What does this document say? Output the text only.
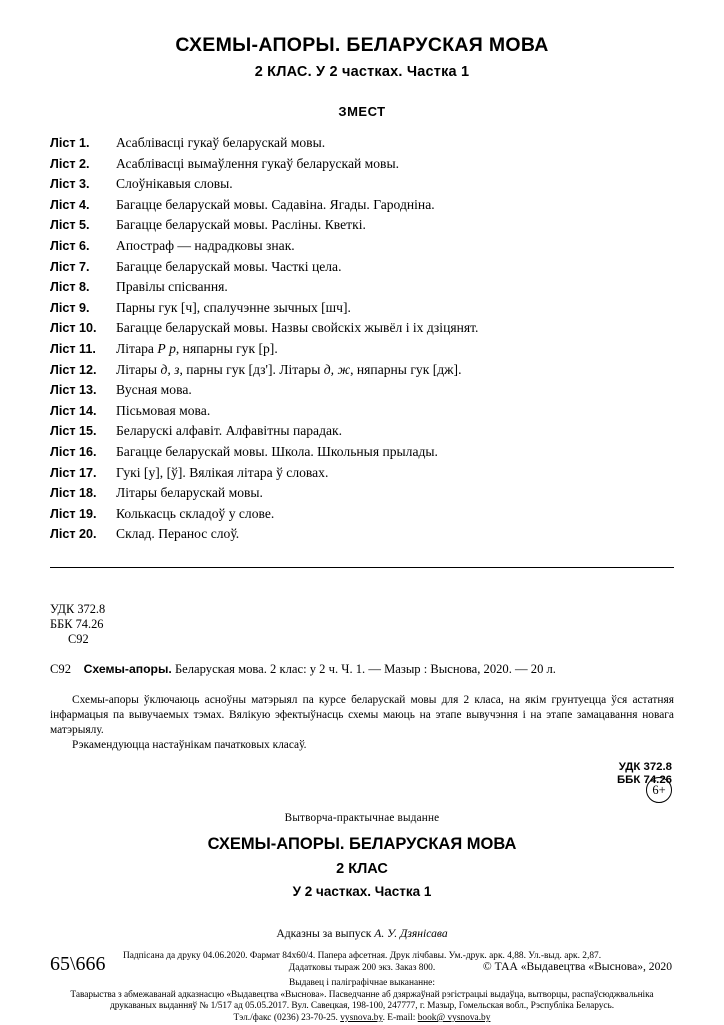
СХЕМЫ-АПОРЫ. БЕЛАРУСКАЯ МОВА
2 КЛАС. У 2 частках. Частка 1
ЗМЕСТ
Ліст 1.	Асаблівасці гукаў беларускай мовы.
Ліст 2.	Асаблівасці вымаўлення гукаў беларускай мовы.
Ліст 3.	Слоўнікавыя словы.
Ліст 4.	Багацце беларускай мовы. Садавіна. Ягады. Гародніна.
Ліст 5.	Багацце беларускай мовы. Расліны. Кветкі.
Ліст 6.	Апостраф — надрадковы знак.
Ліст 7.	Багацце беларускай мовы. Часткі цела.
Ліст 8.	Правілы спісвання.
Ліст 9.	Парны гук [ч], спалучэнне зычных [шч].
Ліст 10.	Багацце беларускай мовы. Назвы свойскіх жывёл і іх дзіцянят.
Ліст 11.	Літара Р р, няпарны гук [р].
Ліст 12.	Літары д, з, парны гук [дз']. Літары д, ж, няпарны гук [дж].
Ліст 13.	Вусная мова.
Ліст 14.	Пісьмовая мова.
Ліст 15.	Беларускі алфавіт. Алфавітны парадак.
Ліст 16.	Багацце беларускай мовы. Школа. Школьныя прылады.
Ліст 17.	Гукі [у], [ў]. Вялікая літара ў словах.
Ліст 18.	Літары беларускай мовы.
Ліст 19.	Колькасць складоў у слове.
Ліст 20.	Склад. Перанос слоў.
УДК 372.8
ББК 74.26
С92
С92 Схемы-апоры. Беларуская мова. 2 клас: у 2 ч. Ч. 1. — Мазыр : Выснова, 2020. — 20 л.

Схемы-апоры ўключаюць асноўны матэрыял па курсе беларускай мовы для 2 класа, на якім грунтуецца ўся астатняя інфармацыя па вывучаемых тэмах. Вялікую эфектыўнасць схемы маюць на этапе вывучэння і на этапе замацавання новага матэрыялу.

Рэкамендуюцца настаўнікам пачатковых класаў.

УДК 372.8
ББК 74.26
Вытворча-практычнае выданне
СХЕМЫ-АПОРЫ. БЕЛАРУСКАЯ МОВА
2 КЛАС
У 2 частках. Частка 1
6+
Адказны за выпуск А. У. Дзянісава
Падпісана да друку 04.06.2020. Фармат 84х60/4. Папера афсетная. Друк лічбавы. Ум.-друк. арк. 4,88. Ул.-выд. арк. 2,87.
Дадатковы тыраж 200 экз. Заказ 800.
Выдавец і паліграфічнае выкананне:
Таварыства з абмежаванай адказнасцю «Выдавецтва «Выснова». Пасведчанне аб дзяржаўнай рэгістрацыі выдаўца, вытворцы, распаўсюджвальніка друкаваных выданняў № 1/517 ад 05.05.2017. Вул. Савецкая, 198-100, 247777, г. Мазыр, Гомельская вобл., Рэспубліка Беларусь.
Тэл./факс (0236) 23-70-25. vysnova.by. E-mail: book@ vysnova.by
65\666	© ТАА «Выдавецтва «Выснова», 2020
